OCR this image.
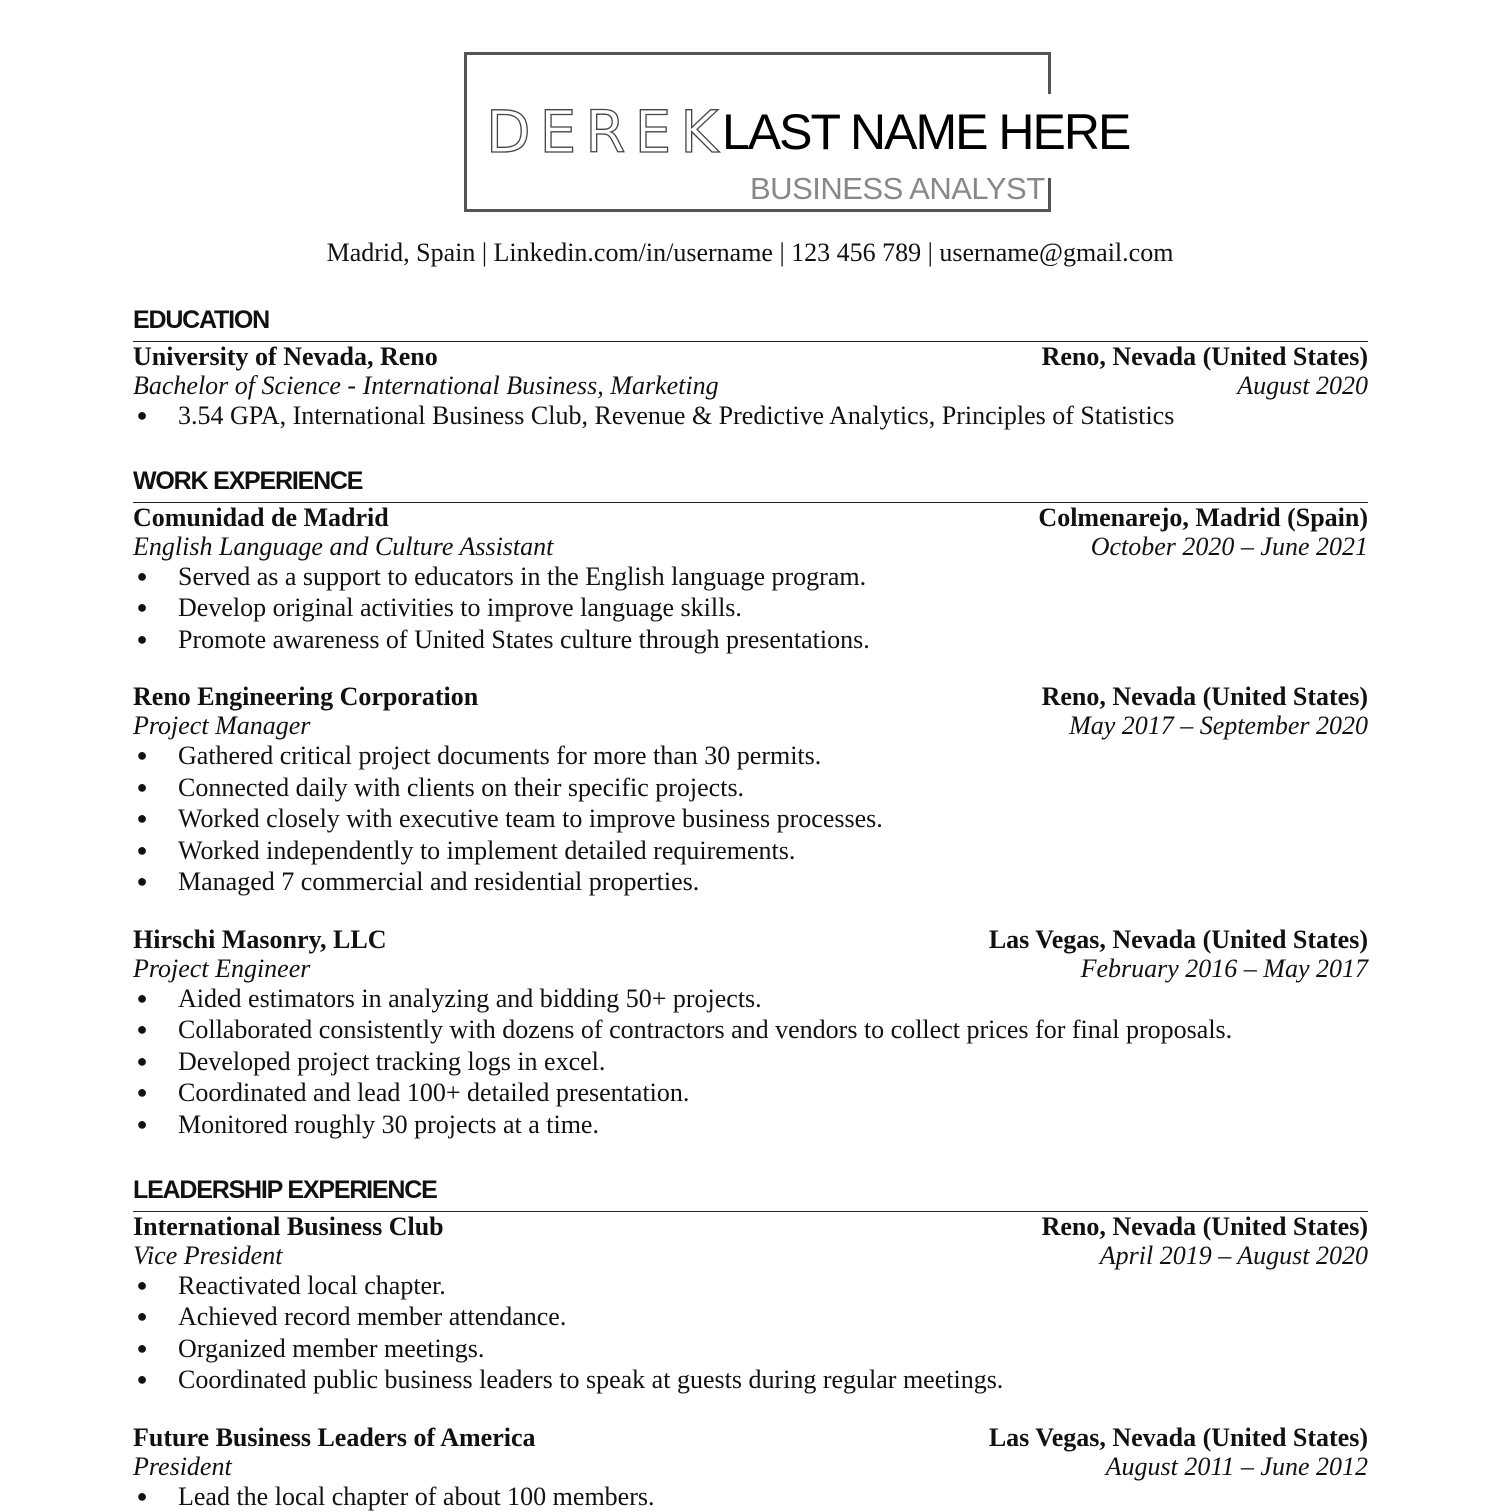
DEREK
LAST NAME HERE
BUSINESS ANALYST
Madrid, Spain | Linkedin.com/in/username | 123 456 789 | username@gmail.com
EDUCATION
University of Nevada, Reno	Reno, Nevada (United States)
Bachelor of Science - International Business, Marketing	August 2020
● 3.54 GPA, International Business Club, Revenue & Predictive Analytics, Principles of Statistics
WORK EXPERIENCE
Comunidad de Madrid	Colmenarejo, Madrid (Spain)
English Language and Culture Assistant	October 2020 – June 2021
● Served as a support to educators in the English language program.
● Develop original activities to improve language skills.
● Promote awareness of United States culture through presentations.
Reno Engineering Corporation	Reno, Nevada (United States)
Project Manager	May 2017 – September 2020
● Gathered critical project documents for more than 30 permits.
● Connected daily with clients on their specific projects.
● Worked closely with executive team to improve business processes.
● Worked independently to implement detailed requirements.
● Managed 7 commercial and residential properties.
Hirschi Masonry, LLC	Las Vegas, Nevada (United States)
Project Engineer	February 2016 – May 2017
● Aided estimators in analyzing and bidding 50+ projects.
● Collaborated consistently with dozens of contractors and vendors to collect prices for final proposals.
● Developed project tracking logs in excel.
● Coordinated and lead 100+ detailed presentation.
● Monitored roughly 30 projects at a time.
LEADERSHIP EXPERIENCE
International Business Club	Reno, Nevada (United States)
Vice President	April 2019 – August 2020
● Reactivated local chapter.
● Achieved record member attendance.
● Organized member meetings.
● Coordinated public business leaders to speak at guests during regular meetings.
Future Business Leaders of America	Las Vegas, Nevada (United States)
President	August 2011 – June 2012
● Lead the local chapter of about 100 members.
